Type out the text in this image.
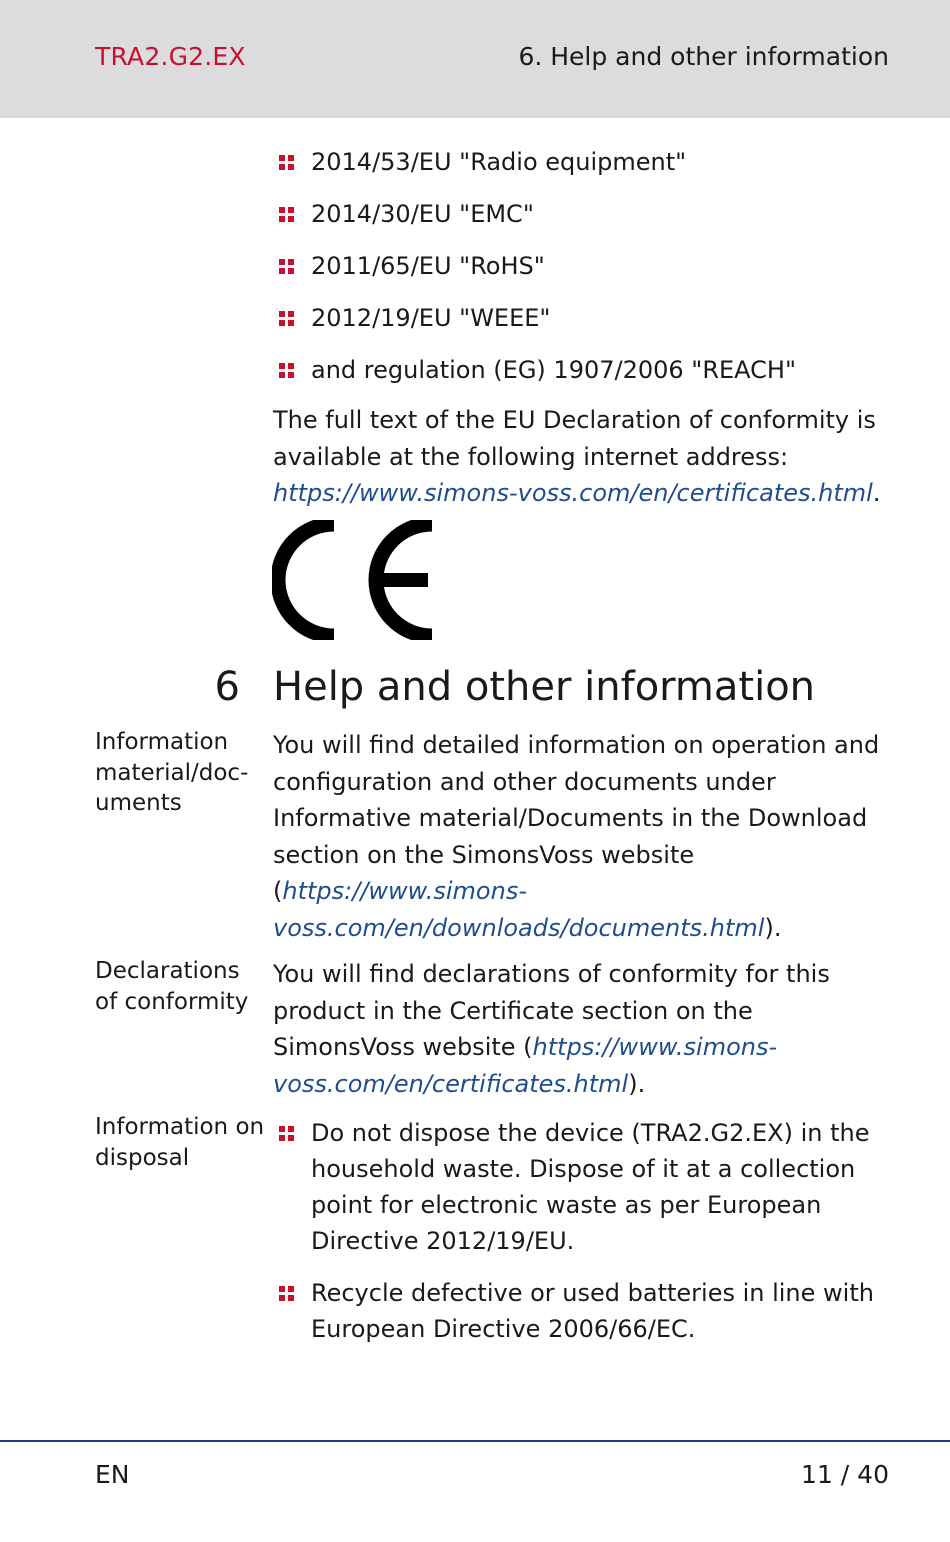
TRA2.G2.EX	6. Help and other information
2014/53/EU "Radio equipment"
2014/30/EU "EMC"
2011/65/EU "RoHS"
2012/19/EU "WEEE"
and regulation (EG) 1907/2006 "REACH"
The full text of the EU Declaration of conformity is available at the following internet address: https://www.simons-voss.com/en/certificates.html.
6 Help and other information
Information material/doc-uments
You will find detailed information on operation and configuration and other documents under Informative material/Documents in the Download section on the SimonsVoss website (https://www.simons-voss.com/en/downloads/documents.html).
Declarations of conformity
You will find declarations of conformity for this product in the Certificate section on the SimonsVoss website (https://www.simons-voss.com/en/certificates.html).
Information on disposal
Do not dispose the device (TRA2.G2.EX) in the household waste. Dispose of it at a collection point for electronic waste as per European Directive 2012/19/EU.
Recycle defective or used batteries in line with European Directive 2006/66/EC.
EN	11 / 40
